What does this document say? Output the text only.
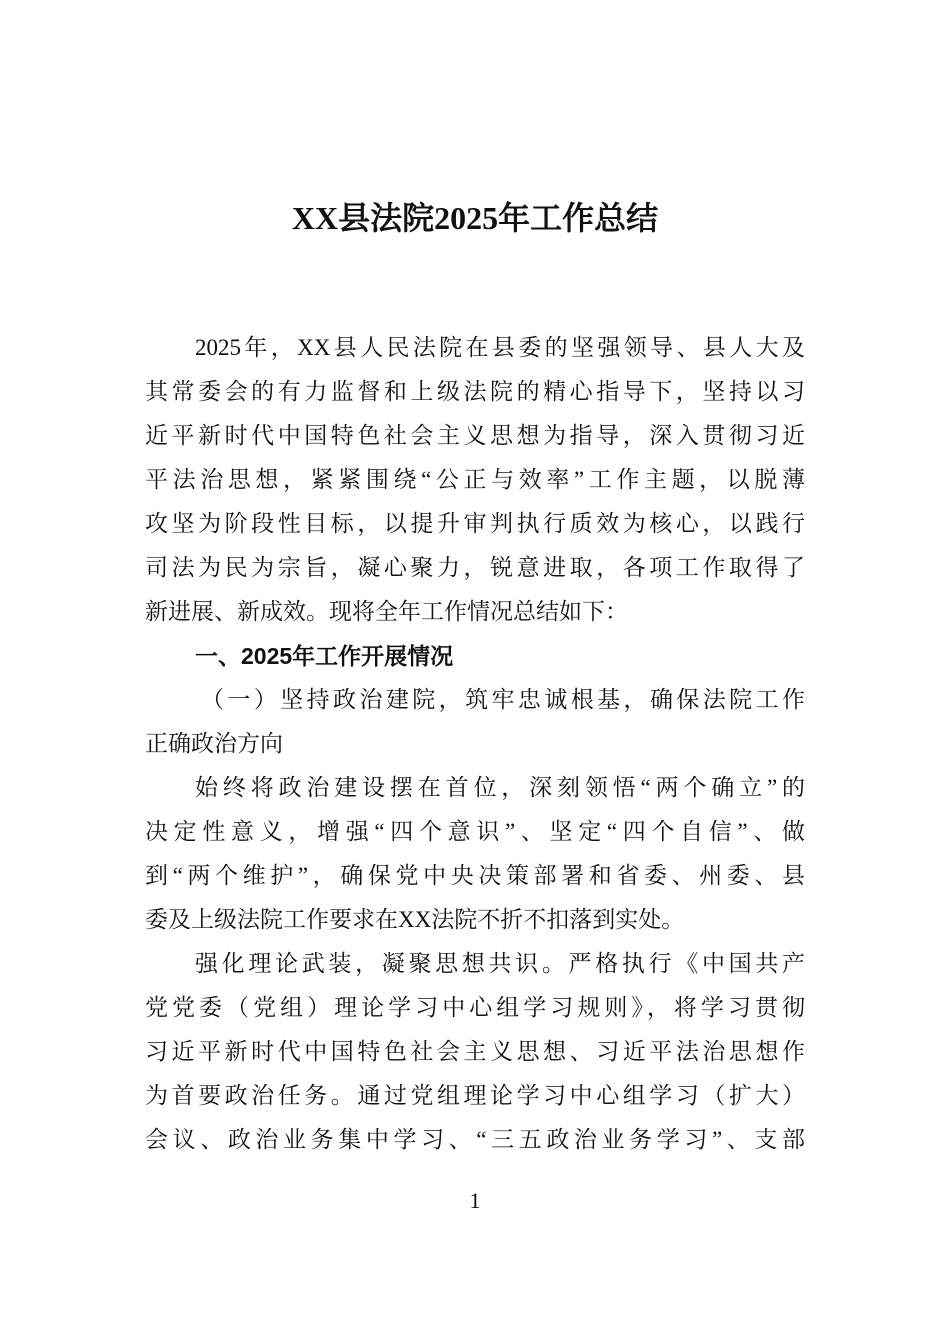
XX县法院2025年工作总结
2025年，XX县人民法院在县委的坚强领导、县人大及
其常委会的有力监督和上级法院的精心指导下，坚持以习
近平新时代中国特色社会主义思想为指导，深入贯彻习近
平法治思想，紧紧围绕“公正与效率”工作主题，以脱薄
攻坚为阶段性目标，以提升审判执行质效为核心，以践行
司法为民为宗旨，凝心聚力，锐意进取，各项工作取得了
新进展、新成效。现将全年工作情况总结如下：
一、2025年工作开展情况
（一）坚持政治建院，筑牢忠诚根基，确保法院工作
正确政治方向
始终将政治建设摆在首位，深刻领悟“两个确立”的
决定性意义，增强“四个意识”、坚定“四个自信”、做
到“两个维护”，确保党中央决策部署和省委、州委、县
委及上级法院工作要求在XX法院不折不扣落到实处。
强化理论武装，凝聚思想共识。严格执行《中国共产
党党委（党组）理论学习中心组学习规则》，将学习贯彻
习近平新时代中国特色社会主义思想、习近平法治思想作
为首要政治任务。通过党组理论学习中心组学习（扩大）
会议、政治业务集中学习、“三五政治业务学习”、支部
1
